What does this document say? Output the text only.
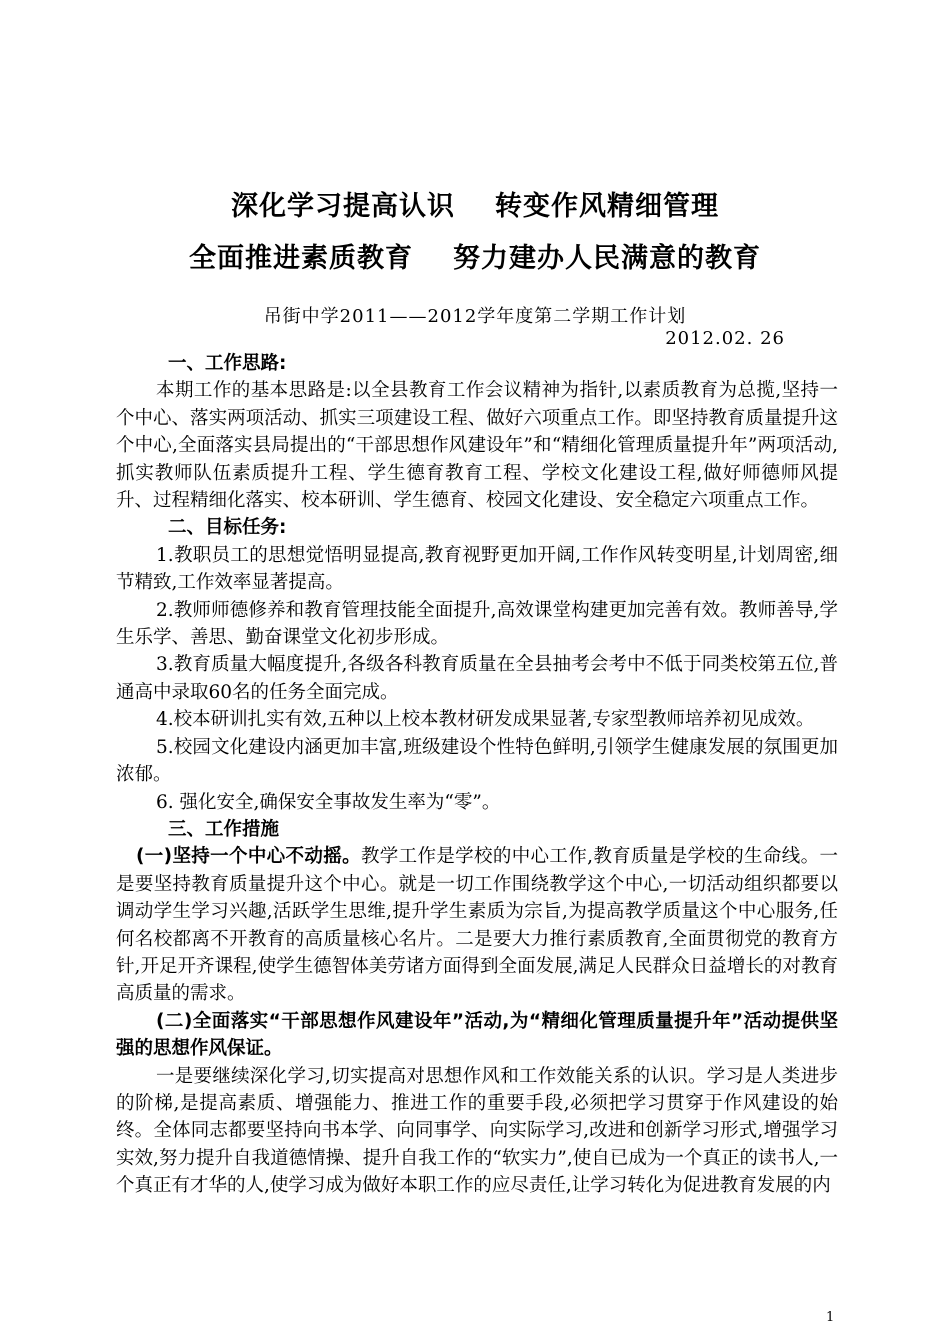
深化学习提高认识 转变作风精细管理
全面推进素质教育 努力建办人民满意的教育
吊街中学2011——2012学年度第二学期工作计划
2012.02. 26

一、工作思路:

本期工作的基本思路是:以全县教育工作会议精神为指针,以素质教育为总揽,坚持一个中心、落实两项活动、抓实三项建设工程、做好六项重点工作。即坚持教育质量提升这个中心,全面落实县局提出的“干部思想作风建设年”和“精细化管理质量提升年”两项活动,抓实教师队伍素质提升工程、学生德育教育工程、学校文化建设工程,做好师德师风提升、过程精细化落实、校本研训、学生德育、校园文化建设、安全稳定六项重点工作。

二、目标任务:

1.教职员工的思想觉悟明显提高,教育视野更加开阔,工作作风转变明星,计划周密,细节精致,工作效率显著提高。

2.教师师德修养和教育管理技能全面提升,高效课堂构建更加完善有效。教师善导,学生乐学、善思、勤奋课堂文化初步形成。

3.教育质量大幅度提升,各级各科教育质量在全县抽考会考中不低于同类校第五位,普通高中录取60名的任务全面完成。

4.校本研训扎实有效,五种以上校本教材研发成果显著,专家型教师培养初见成效。

5.校园文化建设内涵更加丰富,班级建设个性特色鲜明,引领学生健康发展的氛围更加浓郁。

6. 强化安全,确保安全事故发生率为“零”。

三、工作措施

(一)坚持一个中心不动摇。教学工作是学校的中心工作,教育质量是学校的生命线。一是要坚持教育质量提升这个中心。就是一切工作围绕教学这个中心,一切活动组织都要以调动学生学习兴趣,活跃学生思维,提升学生素质为宗旨,为提高教学质量这个中心服务,任何名校都离不开教育的高质量核心名片。二是要大力推行素质教育,全面贯彻党的教育方针,开足开齐课程,使学生德智体美劳诸方面得到全面发展,满足人民群众日益增长的对教育高质量的需求。

(二)全面落实“干部思想作风建设年”活动,为“精细化管理质量提升年”活动提供坚强的思想作风保证。

一是要继续深化学习,切实提高对思想作风和工作效能关系的认识。学习是人类进步的阶梯,是提高素质、增强能力、推进工作的重要手段,必须把学习贯穿于作风建设的始终。全体同志都要坚持向书本学、向同事学、向实际学习,改进和创新学习形式,增强学习实效,努力提升自我道德情操、提升自我工作的“软实力”,使自已成为一个真正的读书人,一个真正有才华的人,使学习成为做好本职工作的应尽责任,让学习转化为促进教育发展的内

1
